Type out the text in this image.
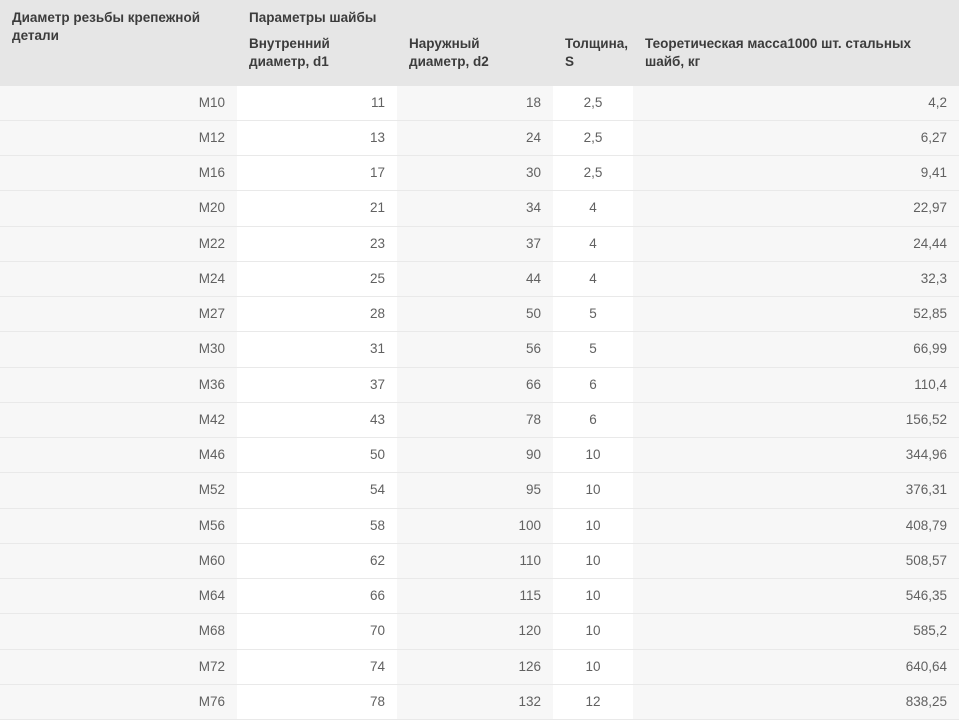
Диаметр резьбы крепежной детали	Параметры шайбы			
	Внутренний диаметр, d1	Наружный диаметр, d2	Толщина, S	Теоретическая масса1000 шт. стальных шайб, кг
M10	11	18	2,5	4,2
M12	13	24	2,5	6,27
M16	17	30	2,5	9,41
M20	21	34	4	22,97
M22	23	37	4	24,44
M24	25	44	4	32,3
M27	28	50	5	52,85
M30	31	56	5	66,99
M36	37	66	6	110,4
M42	43	78	6	156,52
M46	50	90	10	344,96
M52	54	95	10	376,31
M56	58	100	10	408,79
M60	62	110	10	508,57
M64	66	115	10	546,35
M68	70	120	10	585,2
M72	74	126	10	640,64
M76	78	132	12	838,25
